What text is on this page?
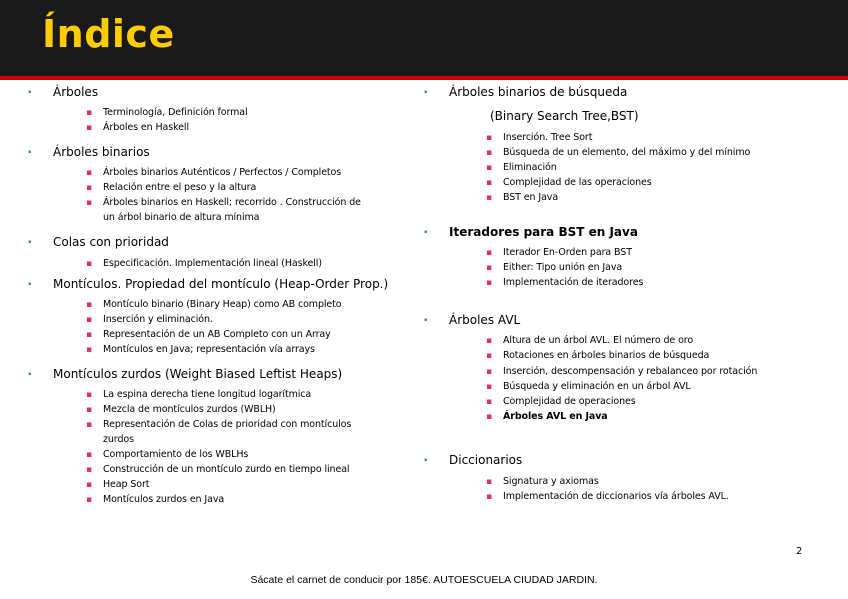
Índice
▪ Árboles
▪ Terminología, Definición formal
▪ Árboles en Haskell
▪ Árboles binarios
▪ Árboles binarios Auténticos / Perfectos / Completos
▪ Relación entre el peso y la altura
▪ Árboles binarios en Haskell; recorrido . Construcción de
un árbol binario de altura mínima
▪ Colas con prioridad
▪ Especificación. Implementación lineal (Haskell)
▪ Montículos. Propiedad del montículo (Heap-Order Prop.)
▪ Montículo binario (Binary Heap) como AB completo
▪ Inserción y eliminación.
▪ Representación de un AB Completo con un Array
▪ Montículos en Java; representación vía arrays
▪ Montículos zurdos (Weight Biased Leftist Heaps)
▪ La espina derecha tiene longitud logarítmica
▪ Mezcla de montículos zurdos (WBLH)
▪ Representación de Colas de prioridad con montículos
zurdos
▪ Comportamiento de los WBLHs
▪ Construcción de un montículo zurdo en tiempo lineal
▪ Heap Sort
▪ Montículos zurdos en Java
▪ Árboles binarios de búsqueda
(Binary Search Tree,BST)
▪ Inserción. Tree Sort
▪ Búsqueda de un elemento, del máximo y del mínimo
▪ Eliminación
▪ Complejidad de las operaciones
▪ BST en Java
▪ Iteradores para BST en Java
▪ Iterador En-Orden para BST
▪ Either: Tipo unión en Java
▪ Implementación de iteradores
▪ Árboles AVL
▪ Altura de un árbol AVL. El número de oro
▪ Rotaciones en árboles binarios de búsqueda
▪ Inserción, descompensación y rebalanceo por rotación
▪ Búsqueda y eliminación en un árbol AVL
▪ Complejidad de operaciones
▪ Árboles AVL en Java
▪ Diccionarios
▪ Signatura y axiomas
▪ Implementación de diccionarios vía árboles AVL.
2
Sácate el carnet de conducir por 185€. AUTOESCUELA CIUDAD JARDIN.
